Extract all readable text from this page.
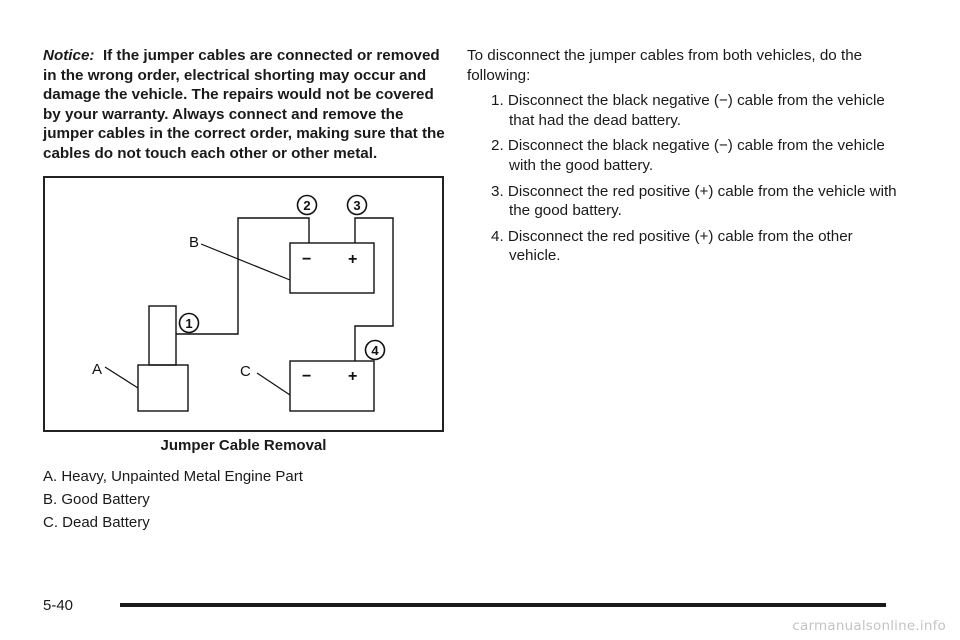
Notice: If the jumper cables are connected or removed in the wrong order, electrical shorting may occur and damage the vehicle. The repairs would not be covered by your warranty. Always connect and remove the jumper cables in the correct order, making sure that the cables do not touch each other or other metal.

− +
− +
A
B
C
1
2	3
4

Jumper Cable Removal

A. Heavy, Unpainted Metal Engine Part
B. Good Battery
C. Dead Battery

To disconnect the jumper cables from both vehicles, do the following:

1. Disconnect the black negative (−) cable from the vehicle that had the dead battery.
2. Disconnect the black negative (−) cable from the vehicle with the good battery.
3. Disconnect the red positive (+) cable from the vehicle with the good battery.
4. Disconnect the red positive (+) cable from the other vehicle.
5-40
carmanualsonline.info
